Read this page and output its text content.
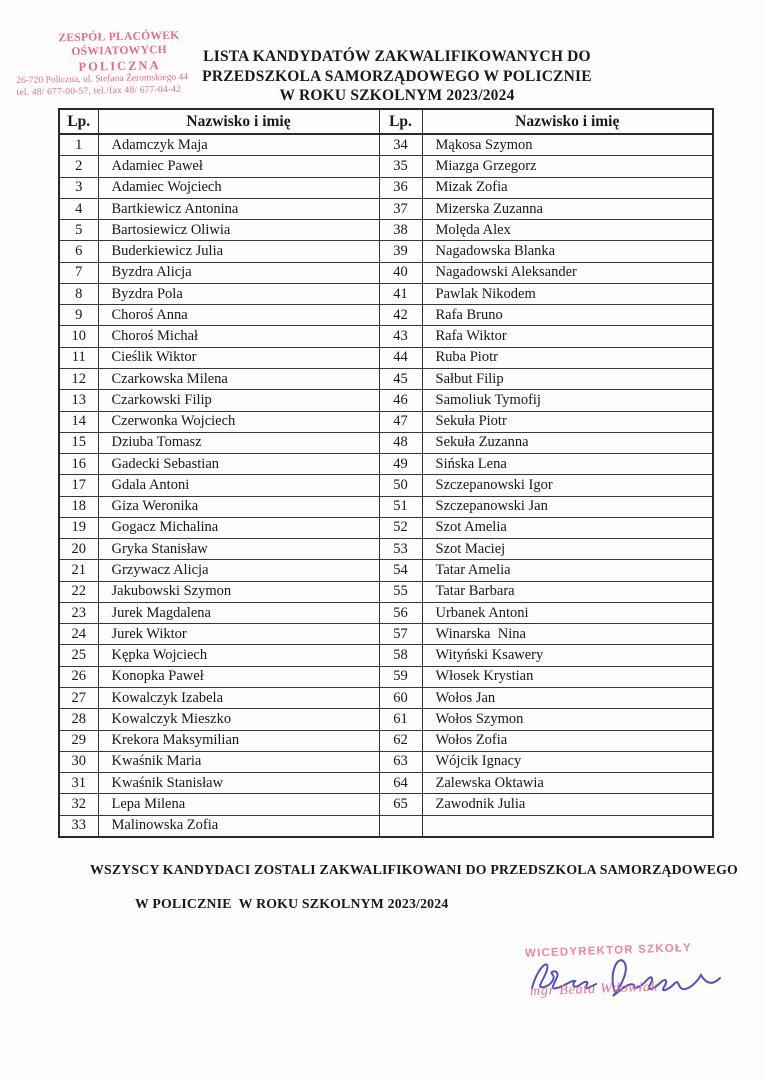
ZESPÓŁ PLACÓWEK OŚWIATOWYCH
POLICZNA
26-720 Policzna, ul. Stefana Żeromskiego 44
tel. 48/ 677-00-57, tel./fax 48/ 677-04-42
LISTA KANDYDATÓW ZAKWALIFIKOWANYCH DO
PRZEDSZKOLA SAMORZĄDOWEGO W POLICZNIE
W ROKU SZKOLNYM 2023/2024
Lp.	Nazwisko i imię	Lp.	Nazwisko i imię
1	Adamczyk Maja	34	Mąkosa Szymon
2	Adamiec Paweł	35	Miazga Grzegorz
3	Adamiec Wojciech	36	Mizak Zofia
4	Bartkiewicz Antonina	37	Mizerska Zuzanna
5	Bartosiewicz Oliwia	38	Molęda Alex
6	Buderkiewicz Julia	39	Nagadowska Blanka
7	Byzdra Alicja	40	Nagadowski Aleksander
8	Byzdra Pola	41	Pawlak Nikodem
9	Choroś Anna	42	Rafa Bruno
10	Choroś Michał	43	Rafa Wiktor
11	Cieślik Wiktor	44	Ruba Piotr
12	Czarkowska Milena	45	Sałbut Filip
13	Czarkowski Filip	46	Samoliuk Tymofij
14	Czerwonka Wojciech	47	Sekuła Piotr
15	Dziuba Tomasz	48	Sekuła Zuzanna
16	Gadecki Sebastian	49	Sińska Lena
17	Gdala Antoni	50	Szczepanowski Igor
18	Giza Weronika	51	Szczepanowski Jan
19	Gogacz Michalina	52	Szot Amelia
20	Gryka Stanisław	53	Szot Maciej
21	Grzywacz Alicja	54	Tatar Amelia
22	Jakubowski Szymon	55	Tatar Barbara
23	Jurek Magdalena	56	Urbanek Antoni
24	Jurek Wiktor	57	Winarska  Nina
25	Kępka Wojciech	58	Wityński Ksawery
26	Konopka Paweł	59	Włosek Krystian
27	Kowalczyk Izabela	60	Wołos Jan
28	Kowalczyk Mieszko	61	Wołos Szymon
29	Krekora Maksymilian	62	Wołos Zofia
30	Kwaśnik Maria	63	Wójcik Ignacy
31	Kwaśnik Stanisław	64	Zalewska Oktawia
32	Lepa Milena	65	Zawodnik Julia
33	Malinowska Zofia		
WSZYSCY KANDYDACI ZOSTALI ZAKWALIFIKOWANI DO PRZEDSZKOLA SAMORZĄDOWEGO
W POLICZNIE  W ROKU SZKOLNYM 2023/2024
WICEDYREKTOR SZKOŁY
mgr Beata Wdowiak
